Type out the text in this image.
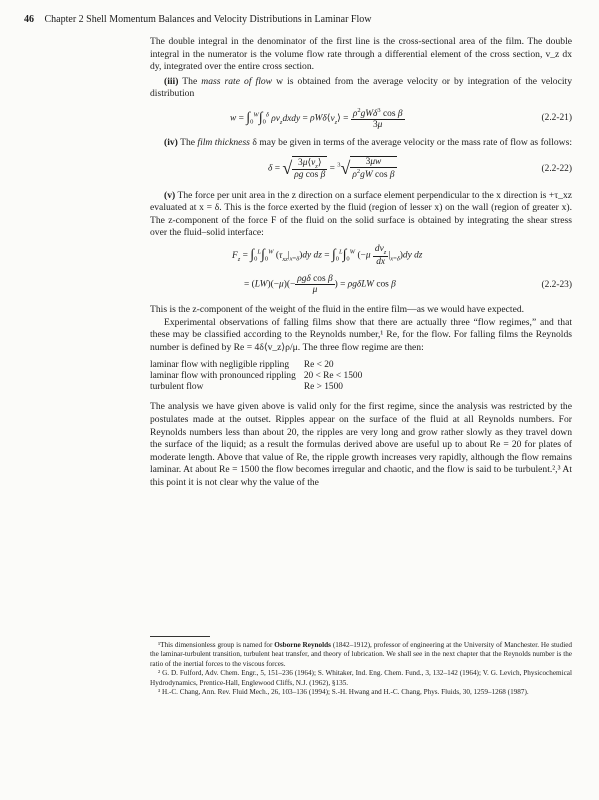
46 Chapter 2 Shell Momentum Balances and Velocity Distributions in Laminar Flow

The double integral in the denominator of the first line is the cross-sectional area of the film. The double integral in the numerator is the volume flow rate through a differential element of the cross section, v_z dx dy, integrated over the entire cross section.

(iii) The mass rate of flow w is obtained from the average velocity or by integration of the velocity distribution

$w = \int_0^W\int_0^\delta$ $\rho v_zdxdy$ = $\rho W\delta⟨v_z⟩ = \frac{\rho^2gW\delta^3 \cos \beta}{3\mu}$	(2.2-21)

(iv) The film thickness δ may be given in terms of the average velocity or the mass rate of flow as follows:

δ = √ $\frac{3\mu⟨v_z⟩}{\text{ρg cos β}} = ^3√ \frac{3\mu w}{\rho^2gW \cos \beta}$	(2.2-22)

(v) The force per unit area in the z direction on a surface element perpendicular to the x direction is +τ_xz evaluated at x = δ. This is the force exerted by the fluid (region of lesser x) on the wall (region of greater x). The z-component of the force F of the fluid on the solid surface is obtained by integrating the shear stress over the fluid–solid interface:

$F_z = \int_0^L\int_0^W$ $(\tau_{xz}|_{x=\delta})dy$ dz = $\int_0^L\int_0^W$ $(-\mu \frac{dv_z}{dx} |_{x=\delta})dy$ dz
= $(LW)(-\mu)(- \frac{\text{ρgδ cos β}}{\mu}$ ) = ρgδLW cos β	(2.2-23)

This is the z-component of the weight of the fluid in the entire film—as we would have expected.

Experimental observations of falling films show that there are actually three “flow regimes,” and that these may be classified according to the Reynolds number,¹ Re, for the flow. For falling films the Reynolds number is defined by Re = 4δ⟨v_z⟩ρ/μ. The three flow regime are then:

laminar flow with negligible rippling	Re < 20
laminar flow with pronounced rippling	20 < Re < 1500
turbulent flow	Re > 1500

The analysis we have given above is valid only for the first regime, since the analysis was restricted by the postulates made at the outset. Ripples appear on the surface of the fluid at all Reynolds numbers. For Reynolds numbers less than about 20, the ripples are very long and grow rather slowly as they travel down the surface of the liquid; as a result the formulas derived above are useful up to about Re = 20 for plates of moderate length. Above that value of Re, the ripple growth increases very rapidly, although the flow remains laminar. At about Re = 1500 the flow becomes irregular and chaotic, and the flow is said to be turbulent.²,³ At this point it is not clear why the value of the

¹This dimensionless group is named for Osborne Reynolds (1842–1912), professor of engineering at the University of Manchester. He studied the laminar-turbulent transition, turbulent heat transfer, and theory of lubrication. We shall see in the next chapter that the Reynolds number is the ratio of the inertial forces to the viscous forces.

² G. D. Fulford, Adv. Chem. Engr., 5, 151–236 (1964); S. Whitaker, Ind. Eng. Chem. Fund., 3, 132–142 (1964); V. G. Levich, Physicochemical Hydrodynamics, Prentice-Hall, Englewood Cliffs, N.J. (1962), §135.

³ H.-C. Chang, Ann. Rev. Fluid Mech., 26, 103–136 (1994); S.-H. Hwang and H.-C. Chang, Phys. Fluids, 30, 1259–1268 (1987).
